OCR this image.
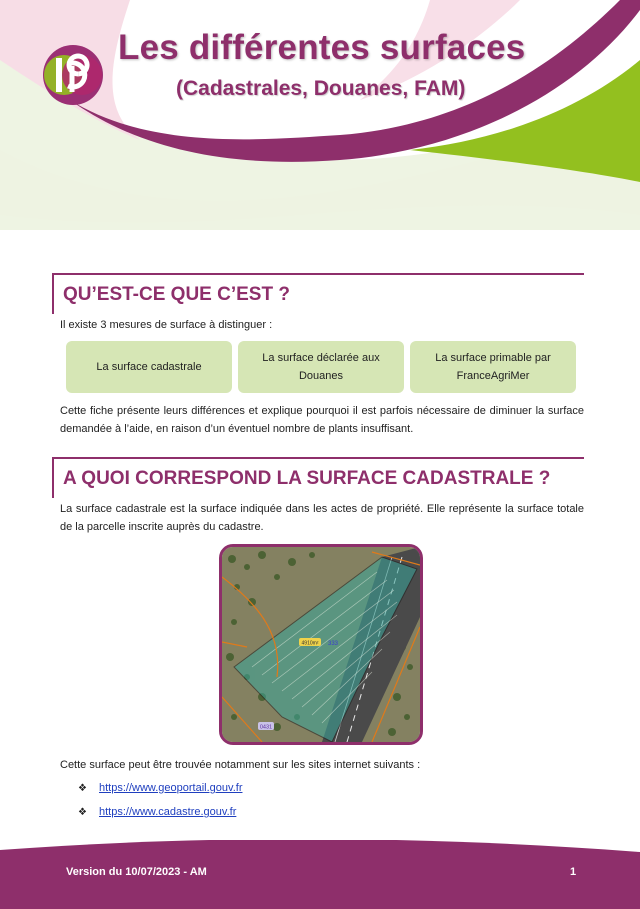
Les différentes surfaces
(Cadastrales, Douanes, FAM)
QU’EST-CE QUE C’EST ?
Il existe 3 mesures de surface à distinguer :
La surface cadastrale
La surface déclarée aux Douanes
La surface primable par FranceAgriMer
Cette fiche présente leurs différences et explique pourquoi il est parfois nécessaire de diminuer la surface demandée à l’aide, en raison d’un éventuel nombre de plants insuffisant.
A QUOI CORRESPOND LA SURFACE CADASTRALE ?
La surface cadastrale est la surface indiquée dans les actes de propriété. Elle représente la surface totale de la parcelle inscrite auprès du cadastre.
4910m² 333
0431
Cette surface peut être trouvée notamment sur les sites internet suivants :
❖	https://www.geoportail.gouv.fr
❖	https://www.cadastre.gouv.fr
Version du 10/07/2023 - AM	1
